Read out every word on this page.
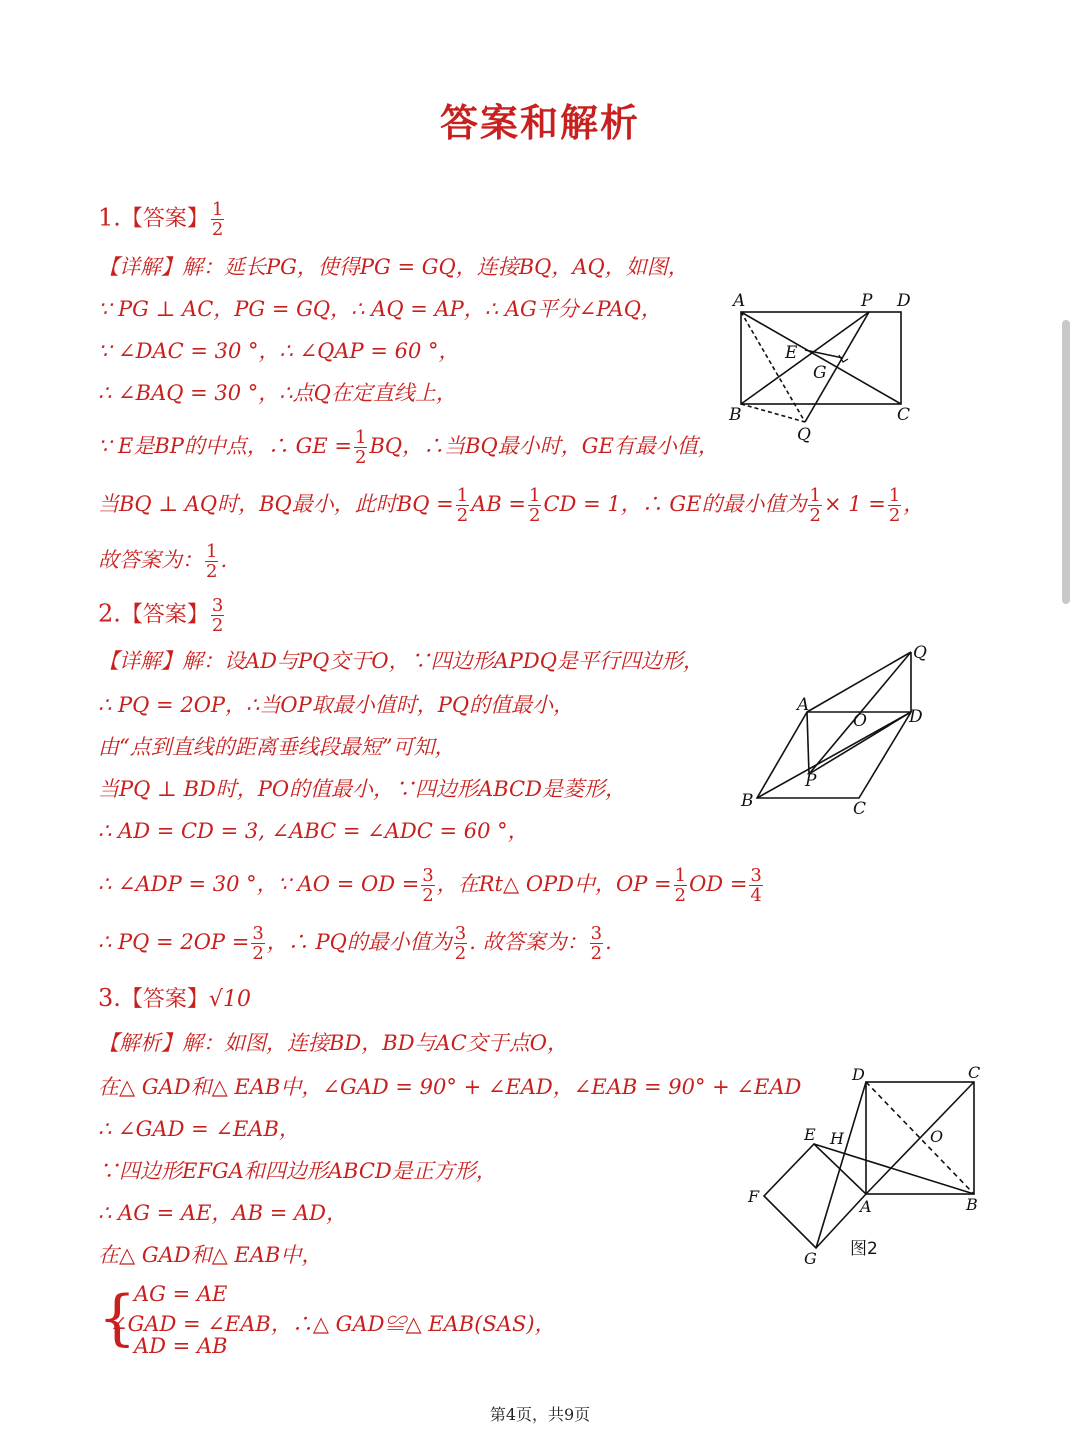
答案和解析
1.【答案】 $\frac{1}{2}$
【详解】解：延长PG，使得PG = GQ，连接BQ，AQ，如图，
∵ PG ⊥ AC，PG = GQ，∴ AQ = AP，∴ AG平分∠PAQ，
∵ ∠DAC = 30 °，∴ ∠QAP = 60 °，
∴ ∠BAQ = 30 °，∴点Q在定直线上，
∵ E是BP的中点，∴ GE = $\frac{1}{2}$ BQ，∴当BQ最小时，GE有最小值，
当BQ ⊥ AQ时，BQ最小，此时BQ = $\frac{1}{2}$ AB = $\frac{1}{2}$ CD = 1，∴ GE的最小值为 $\frac{1}{2} \times 1 = \frac{1}{2}$ ，
故答案为： $\frac{1}{2}$ .
A	P D
E
G
B	C
Q
2.【答案】 $\frac{3}{2}$
【详解】解：设AD与PQ交于O，∵四边形APDQ是平行四边形，
∴ PQ = 2OP，∴当OP取最小值时，PQ的值最小，
由“点到直线的距离垂线段最短”可知，
当PQ ⊥ BD时，PO的值最小，∵四边形ABCD是菱形，
∴ AD = CD = 3, ∠ABC = ∠ADC = 60 °，
∴ ∠ADP = 30 °，∵ AO = OD = $\frac{3}{2}$ ，在Rt△ OPD中，OP = $\frac{1}{2}$ OD = $\frac{3}{4}$
∴ PQ = $2OP = \frac{3}{2}$ ，∴ PQ的最小值为 $\frac{3}{2}$ . 故答案为： $\frac{3}{2}$ .
Q
A
O D
P
B	C
3.【答案】√10
【解析】解：如图，连接BD，BD与AC交于点O，
在△ GAD和△ EAB中，∠GAD = 90° + ∠EAD，∠EAB = 90° + ∠EAD
∴ ∠GAD = ∠EAB，
∵四边形EFGA和四边形ABCD是正方形，
∴ AG = AE，AB = AD，
在△ GAD和△ EAB中，
{
AG = AE
∠GAD = ∠EAB，∴△ GAD≌△ EAB(SAS)，
AD = AB
D	C
E H	O
F
A	B
G 图2
第4页，共9页
